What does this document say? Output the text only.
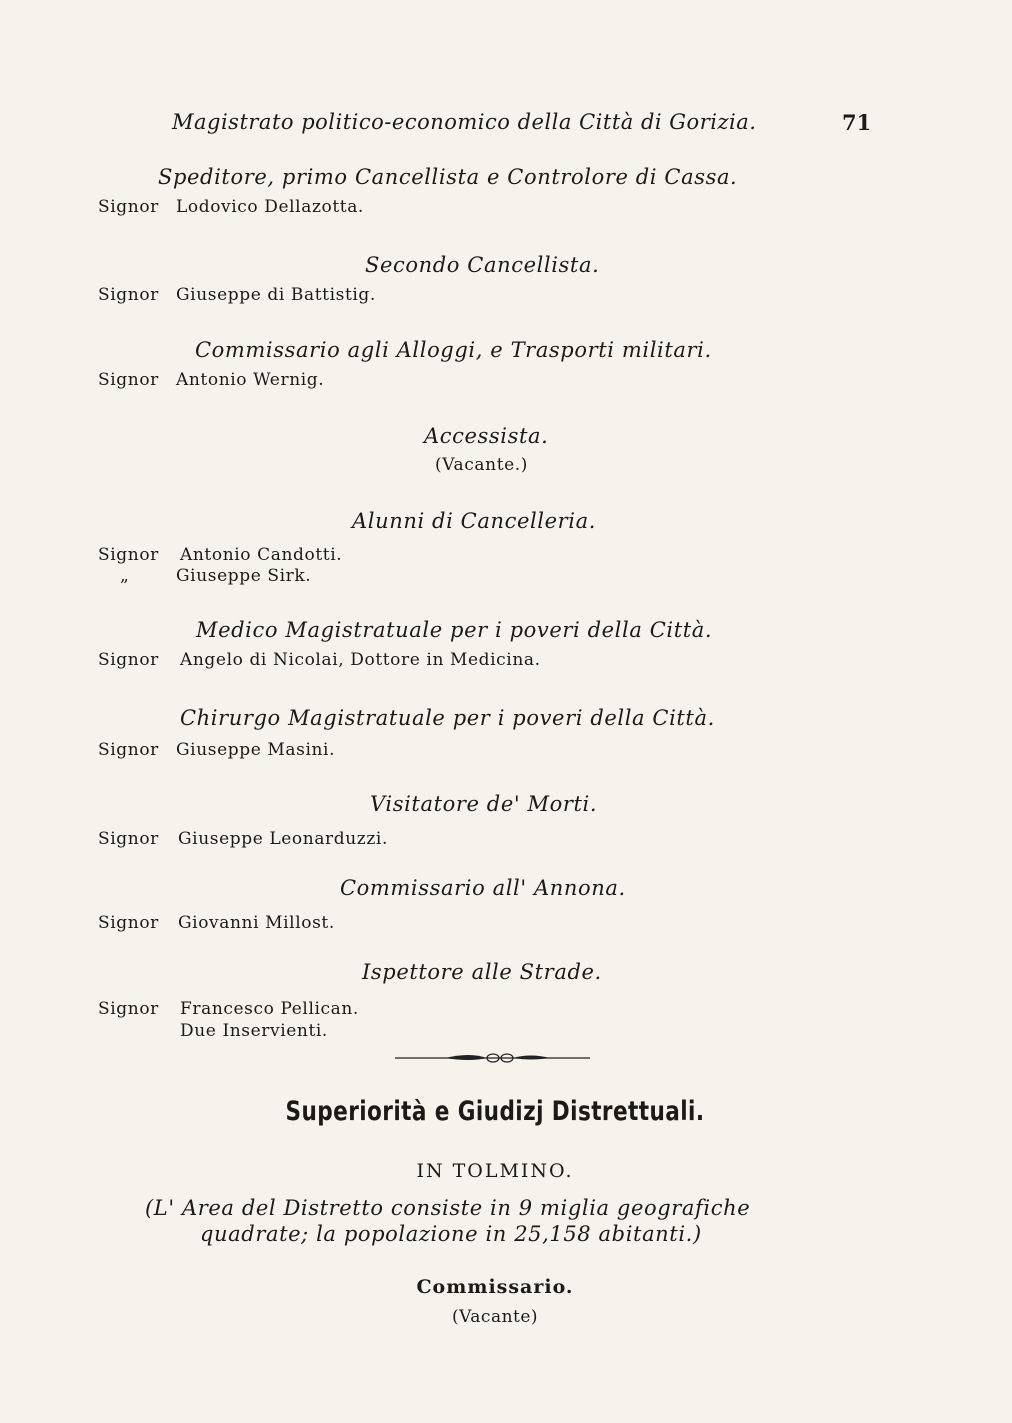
Magistrato politico-economico della Città di Gorizia.	71
Speditore, primo Cancellista e Controlore di Cassa.
Signor Lodovico Dellazotta.
Secondo Cancellista.
Signor Giuseppe di Battistig.
Commissario agli Alloggi, e Trasporti militari.
Signor Antonio Wernig.
Accessista.
(Vacante.)
Alunni di Cancelleria.
Signor Antonio Candotti.
„	Giuseppe Sirk.
Medico Magistratuale per i poveri della Città.
Signor Angelo di Nicolai, Dottore in Medicina.
Chirurgo Magistratuale per i poveri della Città.
Signor Giuseppe Masini.
Visitatore de' Morti.
Signor Giuseppe Leonarduzzi.
Commissario all' Annona.
Signor Giovanni Millost.
Ispettore alle Strade.
Signor Francesco Pellican.
Due Inservienti.
Superiorità e Giudizj Distrettuali.
IN TOLMINO.
(L' Area del Distretto consiste in 9 miglia geografiche
quadrate; la popolazione in 25,158 abitanti.)
Commissario.
(Vacante)
